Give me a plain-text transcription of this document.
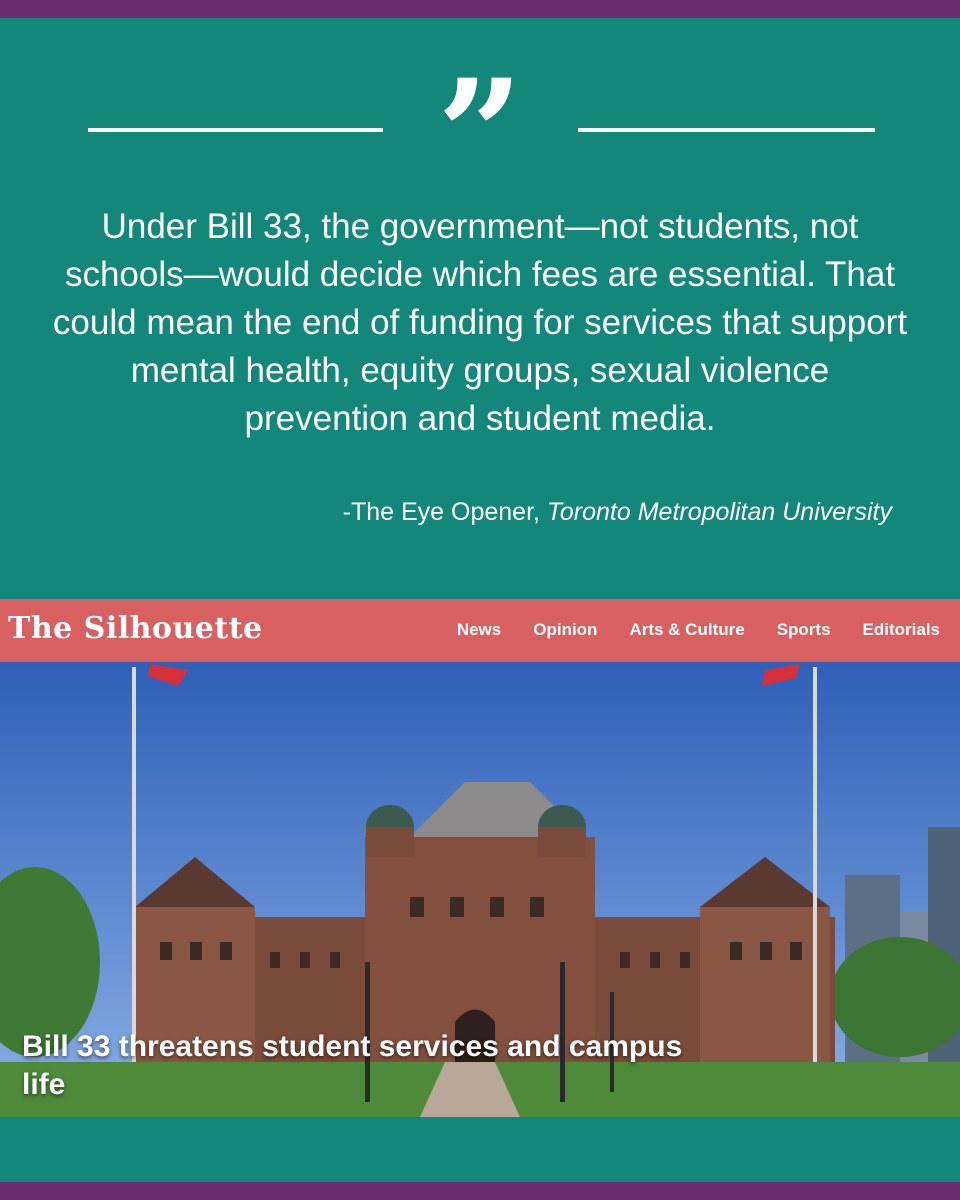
”
Under Bill 33, the government—not students, not schools—would decide which fees are essential. That could mean the end of funding for services that support mental health, equity groups, sexual violence prevention and student media.
-The Eye Opener, Toronto Metropolitan University
The Silhouette	News Opinion Arts & Culture Sports Editorials
Bill 33 threatens student services and campus life
